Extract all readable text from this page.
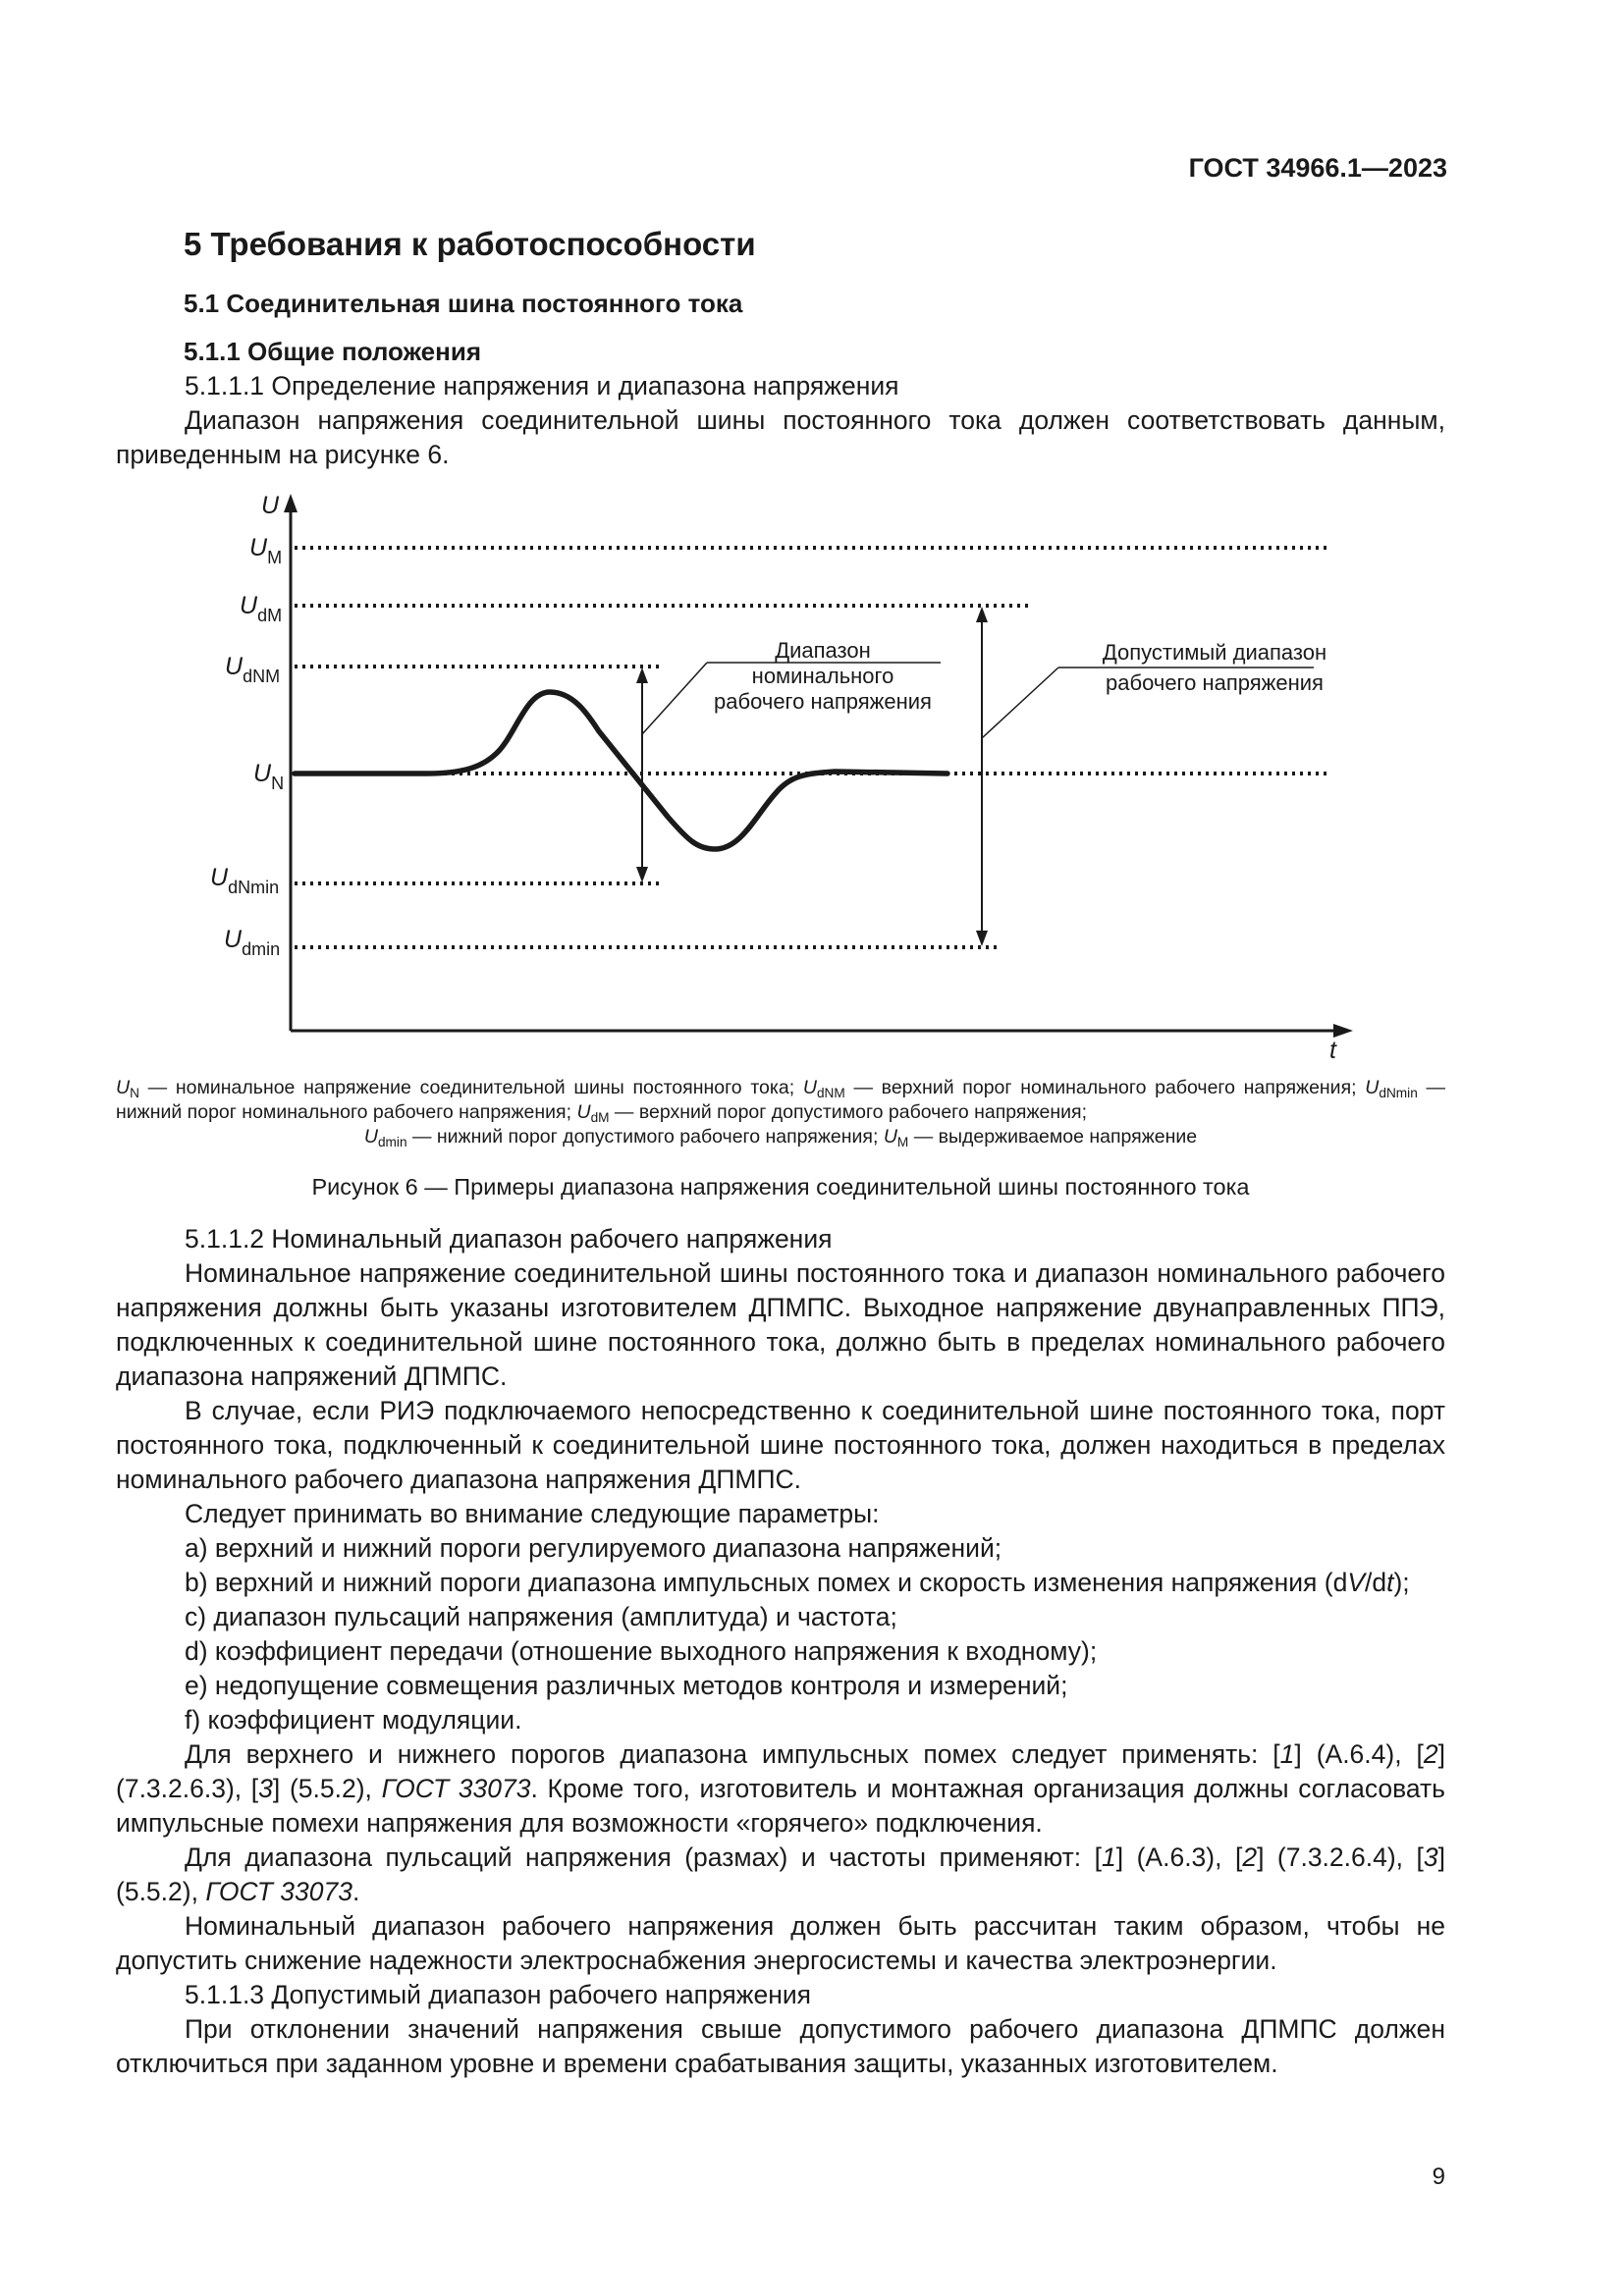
ГОСТ 34966.1—2023
5 Требования к работоспособности
5.1 Соединительная шина постоянного тока
5.1.1 Общие положения

5.1.1.1 Определение напряжения и диапазона напряжения

Диапазон напряжения соединительной шины постоянного тока должен соответствовать данным, приведенным на рисунке 6.

U
t
$U_M$
$U_{dM}$
$U_{dNM}$
$U_N$
$U_{dNmin}$
$U_{dmin}$
Диапазон
номинального
рабочего напряжения
Допустимый диапазон
рабочего напряжения

$U_N$ — номинальное напряжение соединительной шины постоянного тока; $U_{dNM}$ — верхний порог номинального рабочего напряжения; $U_{dNmin}$ — нижний порог номинального рабочего напряжения; $U_{dM}$ — верхний порог допустимого рабочего напряжения;

$U_{dmin}$ — нижний порог допустимого рабочего напряжения; $U_M$ — выдерживаемое напряжение

Рисунок 6 — Примеры диапазона напряжения соединительной шины постоянного тока

5.1.1.2 Номинальный диапазон рабочего напряжения

Номинальное напряжение соединительной шины постоянного тока и диапазон номинального рабочего напряжения должны быть указаны изготовителем ДПМПС. Выходное напряжение двунаправленных ППЭ, подключенных к соединительной шине постоянного тока, должно быть в пределах номинального рабочего диапазона напряжений ДПМПС.

В случае, если РИЭ подключаемого непосредственно к соединительной шине постоянного тока, порт постоянного тока, подключенный к соединительной шине постоянного тока, должен находиться в пределах номинального рабочего диапазона напряжения ДПМПС.

Следует принимать во внимание следующие параметры:

a) верхний и нижний пороги регулируемого диапазона напряжений;

b) верхний и нижний пороги диапазона импульсных помех и скорость изменения напряжения (dV/dt);

c) диапазон пульсаций напряжения (амплитуда) и частота;

d) коэффициент передачи (отношение выходного напряжения к входному);

e) недопущение совмещения различных методов контроля и измерений;

f) коэффициент модуляции.

Для верхнего и нижнего порогов диапазона импульсных помех следует применять: [1] (А.6.4), [2] (7.3.2.6.3), [3] (5.5.2), ГОСТ 33073. Кроме того, изготовитель и монтажная организация должны согласовать импульсные помехи напряжения для возможности «горячего» подключения.

Для диапазона пульсаций напряжения (размах) и частоты применяют: [1] (А.6.3), [2] (7.3.2.6.4), [3] (5.5.2), ГОСТ 33073.

Номинальный диапазон рабочего напряжения должен быть рассчитан таким образом, чтобы не допустить снижение надежности электроснабжения энергосистемы и качества электроэнергии.

5.1.1.3 Допустимый диапазон рабочего напряжения

При отклонении значений напряжения свыше допустимого рабочего диапазона ДПМПС должен отключиться при заданном уровне и времени срабатывания защиты, указанных изготовителем.

9
